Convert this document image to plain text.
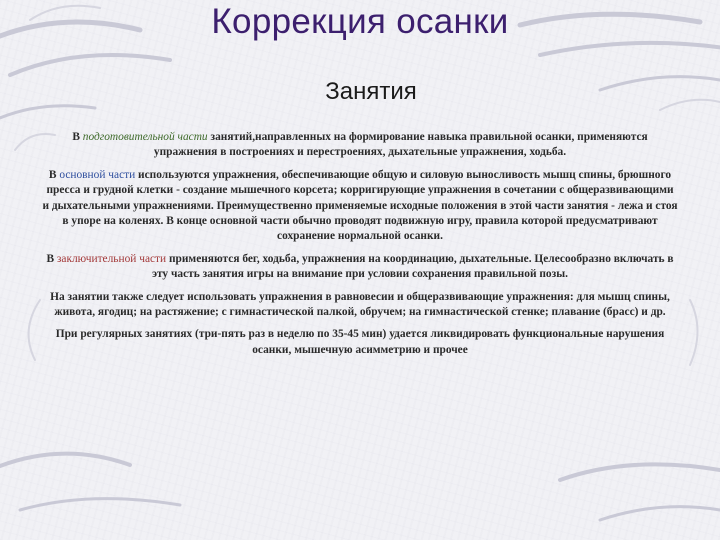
Коррекция осанки
Занятия

В подготовительной части занятий,направленных на формирование навыка правильной осанки, применяются упражнения в построениях и перестроениях, дыхательные упражнения, ходьба.

В основной части используются упражнения, обеспечивающие общую и силовую выносливость мышц спины, брюшного пресса и грудной клетки - создание мышечного корсета; корригирующие упражнения в сочетании с общеразвивающими и дыхательными упражнениями. Преимущественно применяемые исходные положения в этой части занятия - лежа и стоя в упоре на коленях. В конце основной части обычно проводят подвижную игру, правила которой предусматривают сохранение нормальной осанки.

В заключительной части применяются бег, ходьба, упражнения на координацию, дыхательные. Целесообразно включать в эту часть занятия игры на внимание при условии сохранения правильной позы.

На занятии также следует использовать упражнения в равновесии и общеразвивающие упражнения: для мышц спины, живота, ягодиц; на растяжение; с гимнастической палкой, обручем; на гимнастической стенке; плавание (брасс) и др.

При регулярных занятиях (три-пять раз в неделю по 35-45 мин) удается ликвидировать функциональные нарушения осанки, мышечную асимметрию и прочее
